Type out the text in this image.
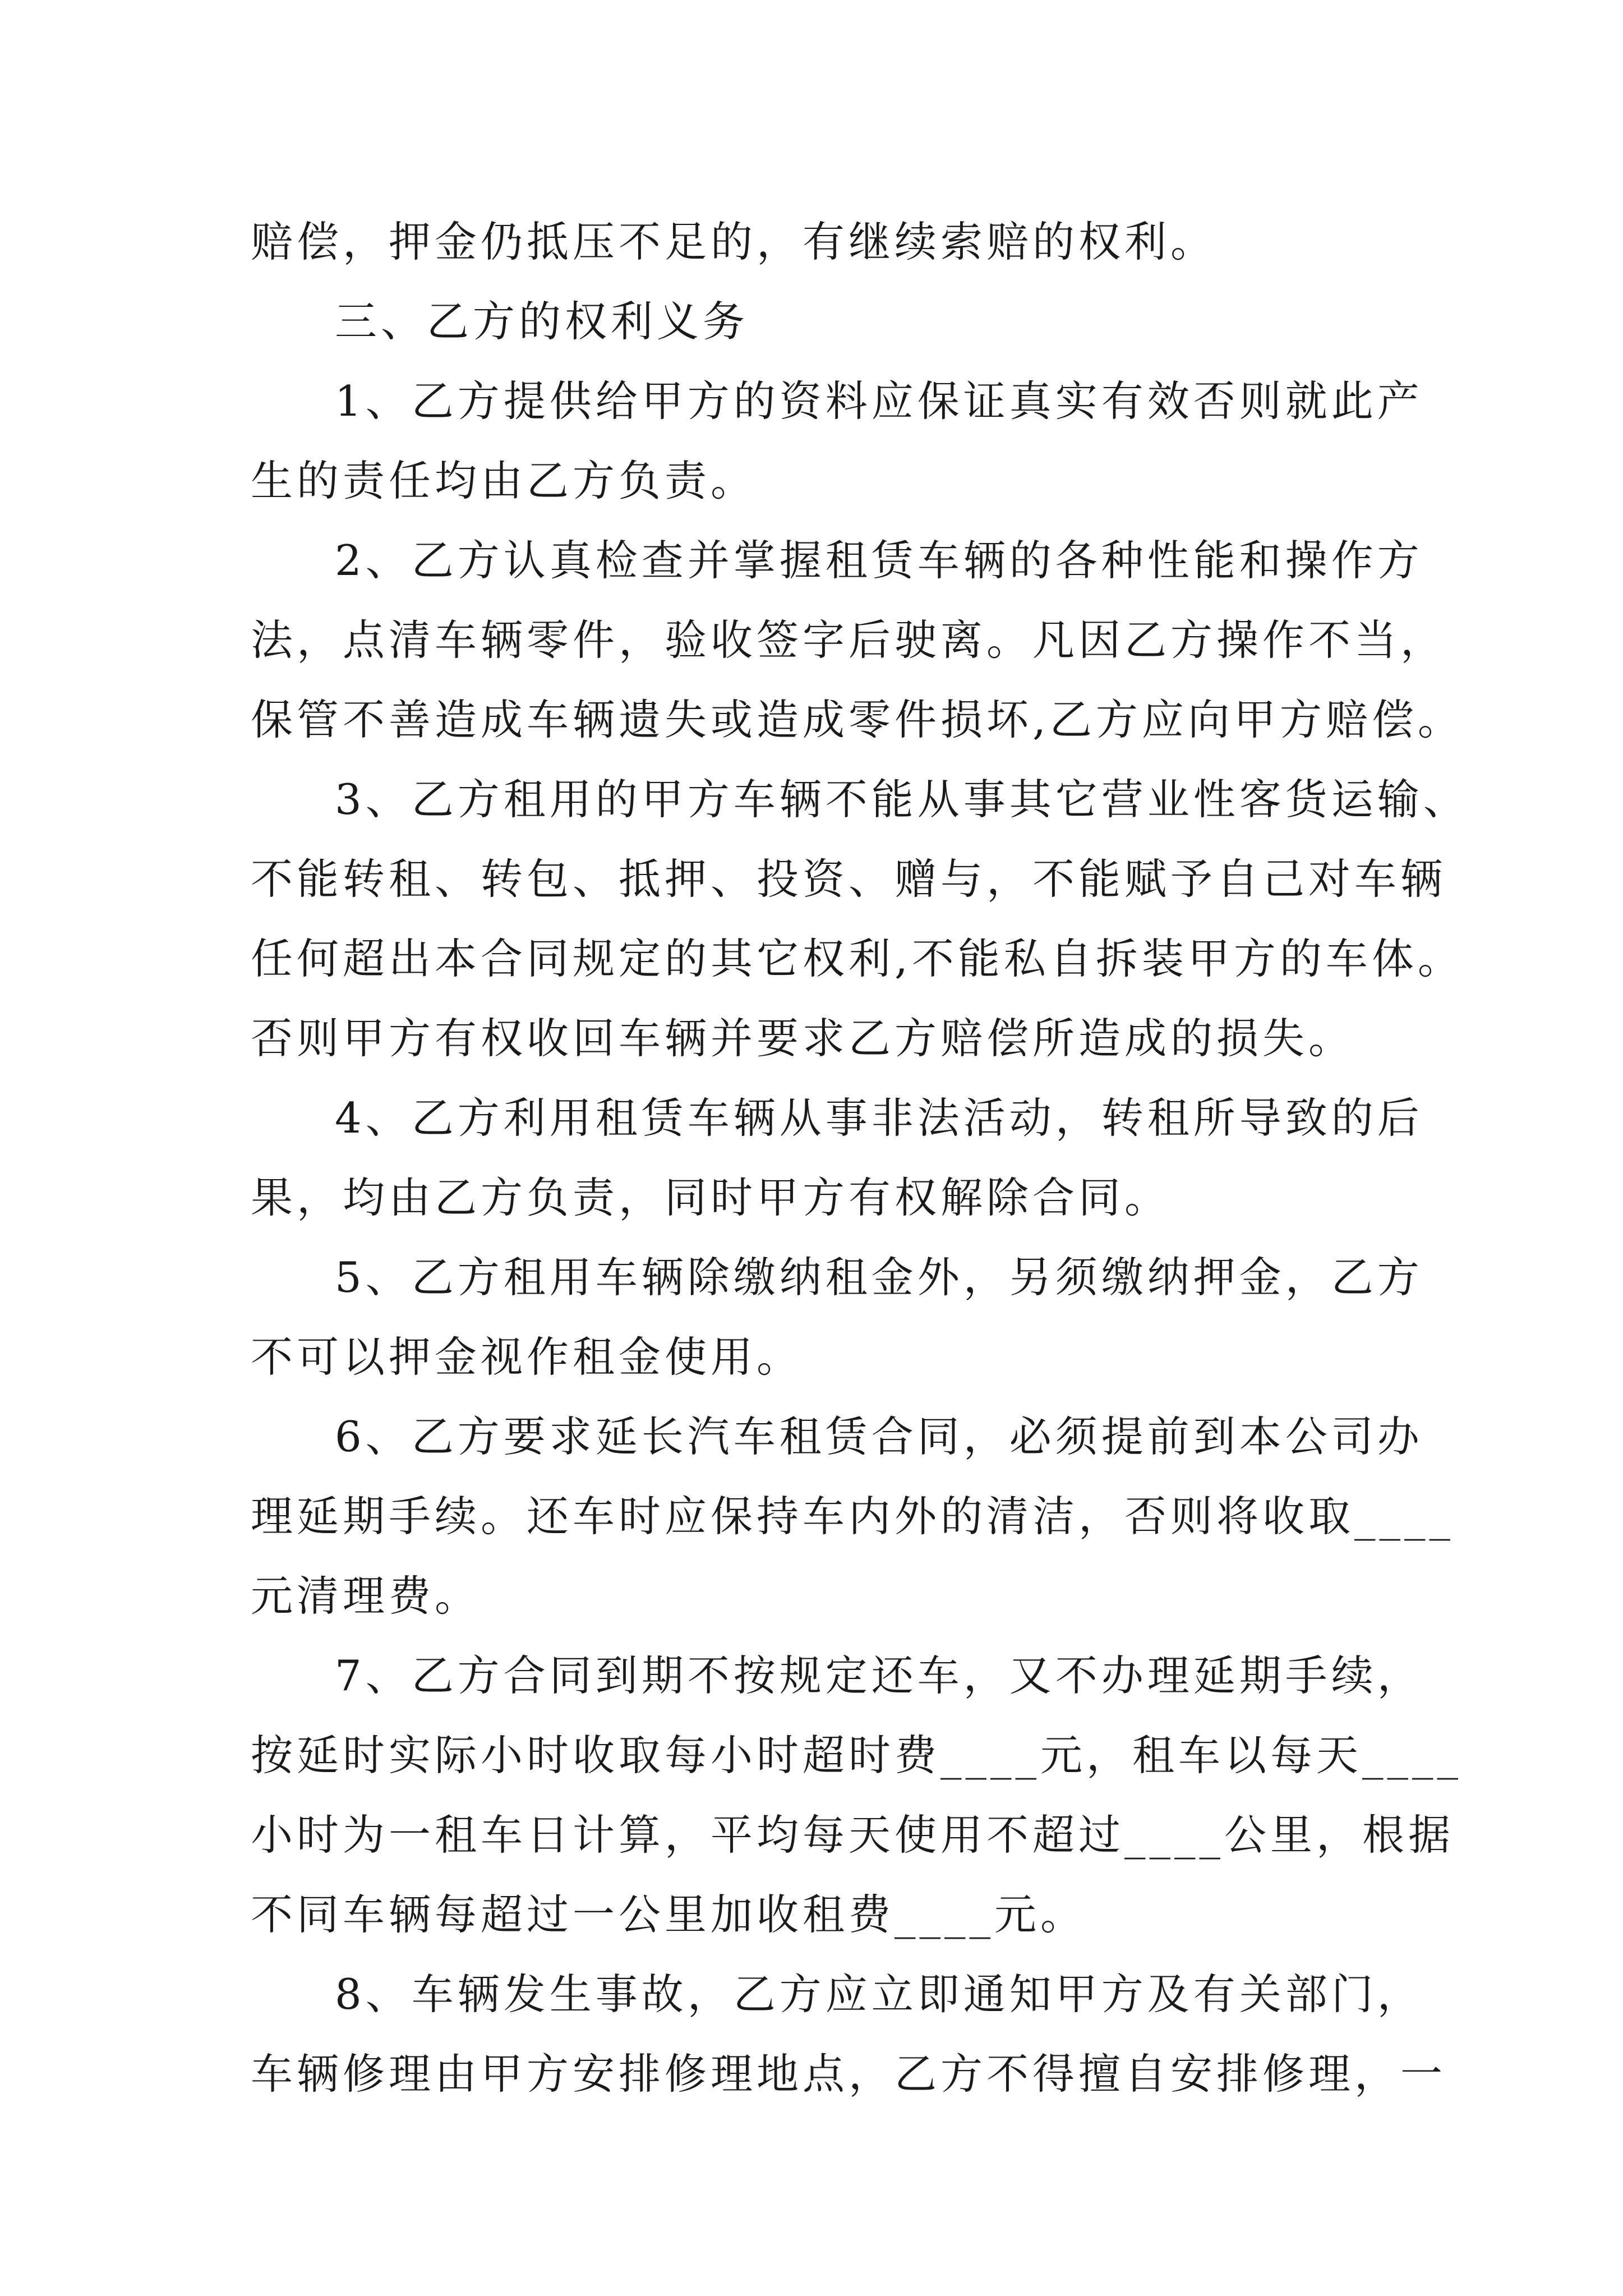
赔偿，押金仍抵压不足的，有继续索赔的权利。
三、乙方的权利义务
1、乙方提供给甲方的资料应保证真实有效否则就此产
生的责任均由乙方负责。
2、乙方认真检查并掌握租赁车辆的各种性能和操作方
法，点清车辆零件，验收签字后驶离。凡因乙方操作不当，
保管不善造成车辆遗失或造成零件损坏,乙方应向甲方赔偿。
3、乙方租用的甲方车辆不能从事其它营业性客货运输、
不能转租、转包、抵押、投资、赠与，不能赋予自己对车辆
任何超出本合同规定的其它权利,不能私自拆装甲方的车体。
否则甲方有权收回车辆并要求乙方赔偿所造成的损失。
4、乙方利用租赁车辆从事非法活动，转租所导致的后
果，均由乙方负责，同时甲方有权解除合同。
5、乙方租用车辆除缴纳租金外，另须缴纳押金，乙方
不可以押金视作租金使用。
6、乙方要求延长汽车租赁合同，必须提前到本公司办
理延期手续。还车时应保持车内外的清洁，否则将收取____
元清理费。
7、乙方合同到期不按规定还车，又不办理延期手续，
按延时实际小时收取每小时超时费____元，租车以每天____
小时为一租车日计算，平均每天使用不超过____公里，根据
不同车辆每超过一公里加收租费____元。
8、车辆发生事故，乙方应立即通知甲方及有关部门，
车辆修理由甲方安排修理地点，乙方不得擅自安排修理，一
